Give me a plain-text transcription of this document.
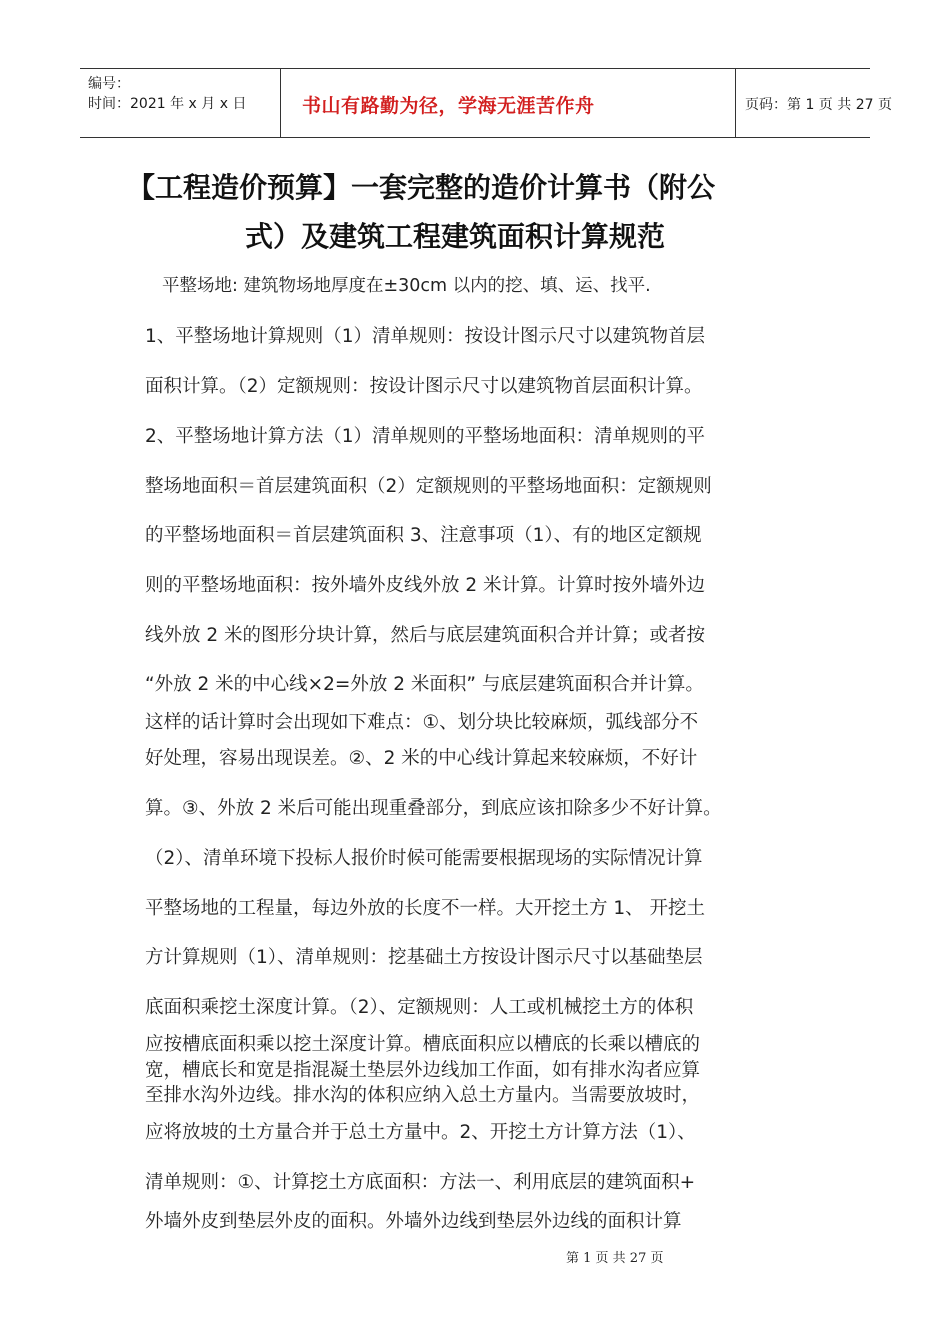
编号：
时间：2021 年 x 月 x 日	书山有路勤为径，学海无涯苦作舟	页码：第 1 页 共 27 页
【工程造价预算】一套完整的造价计算书（附公
式）及建筑工程建筑面积计算规范
平整场地: 建筑物场地厚度在±30cm 以内的挖、填、运、找平.
1、平整场地计算规则（1）清单规则：按设计图示尺寸以建筑物首层
面积计算。（2）定额规则：按设计图示尺寸以建筑物首层面积计算。
2、平整场地计算方法（1）清单规则的平整场地面积：清单规则的平
整场地面积＝首层建筑面积（2）定额规则的平整场地面积：定额规则
的平整场地面积＝首层建筑面积 3、注意事项（1）、有的地区定额规
则的平整场地面积：按外墙外皮线外放 2 米计算。计算时按外墙外边
线外放 2 米的图形分块计算，然后与底层建筑面积合并计算；或者按
“外放 2 米的中心线×2=外放 2 米面积” 与底层建筑面积合并计算。
这样的话计算时会出现如下难点：①、划分块比较麻烦，弧线部分不
好处理，容易出现误差。②、2 米的中心线计算起来较麻烦，不好计
算。③、外放 2 米后可能出现重叠部分，到底应该扣除多少不好计算。
（2）、清单环境下投标人报价时候可能需要根据现场的实际情况计算
平整场地的工程量，每边外放的长度不一样。大开挖土方 1、 开挖土
方计算规则（1）、清单规则：挖基础土方按设计图示尺寸以基础垫层
底面积乘挖土深度计算。（2）、定额规则：人工或机械挖土方的体积
应按槽底面积乘以挖土深度计算。槽底面积应以槽底的长乘以槽底的
宽，槽底长和宽是指混凝土垫层外边线加工作面，如有排水沟者应算
至排水沟外边线。排水沟的体积应纳入总土方量内。当需要放坡时，
应将放坡的土方量合并于总土方量中。2、开挖土方计算方法（1）、
清单规则：①、计算挖土方底面积：方法一、利用底层的建筑面积+
外墙外皮到垫层外皮的面积。外墙外边线到垫层外边线的面积计算
第 1 页 共 27 页
